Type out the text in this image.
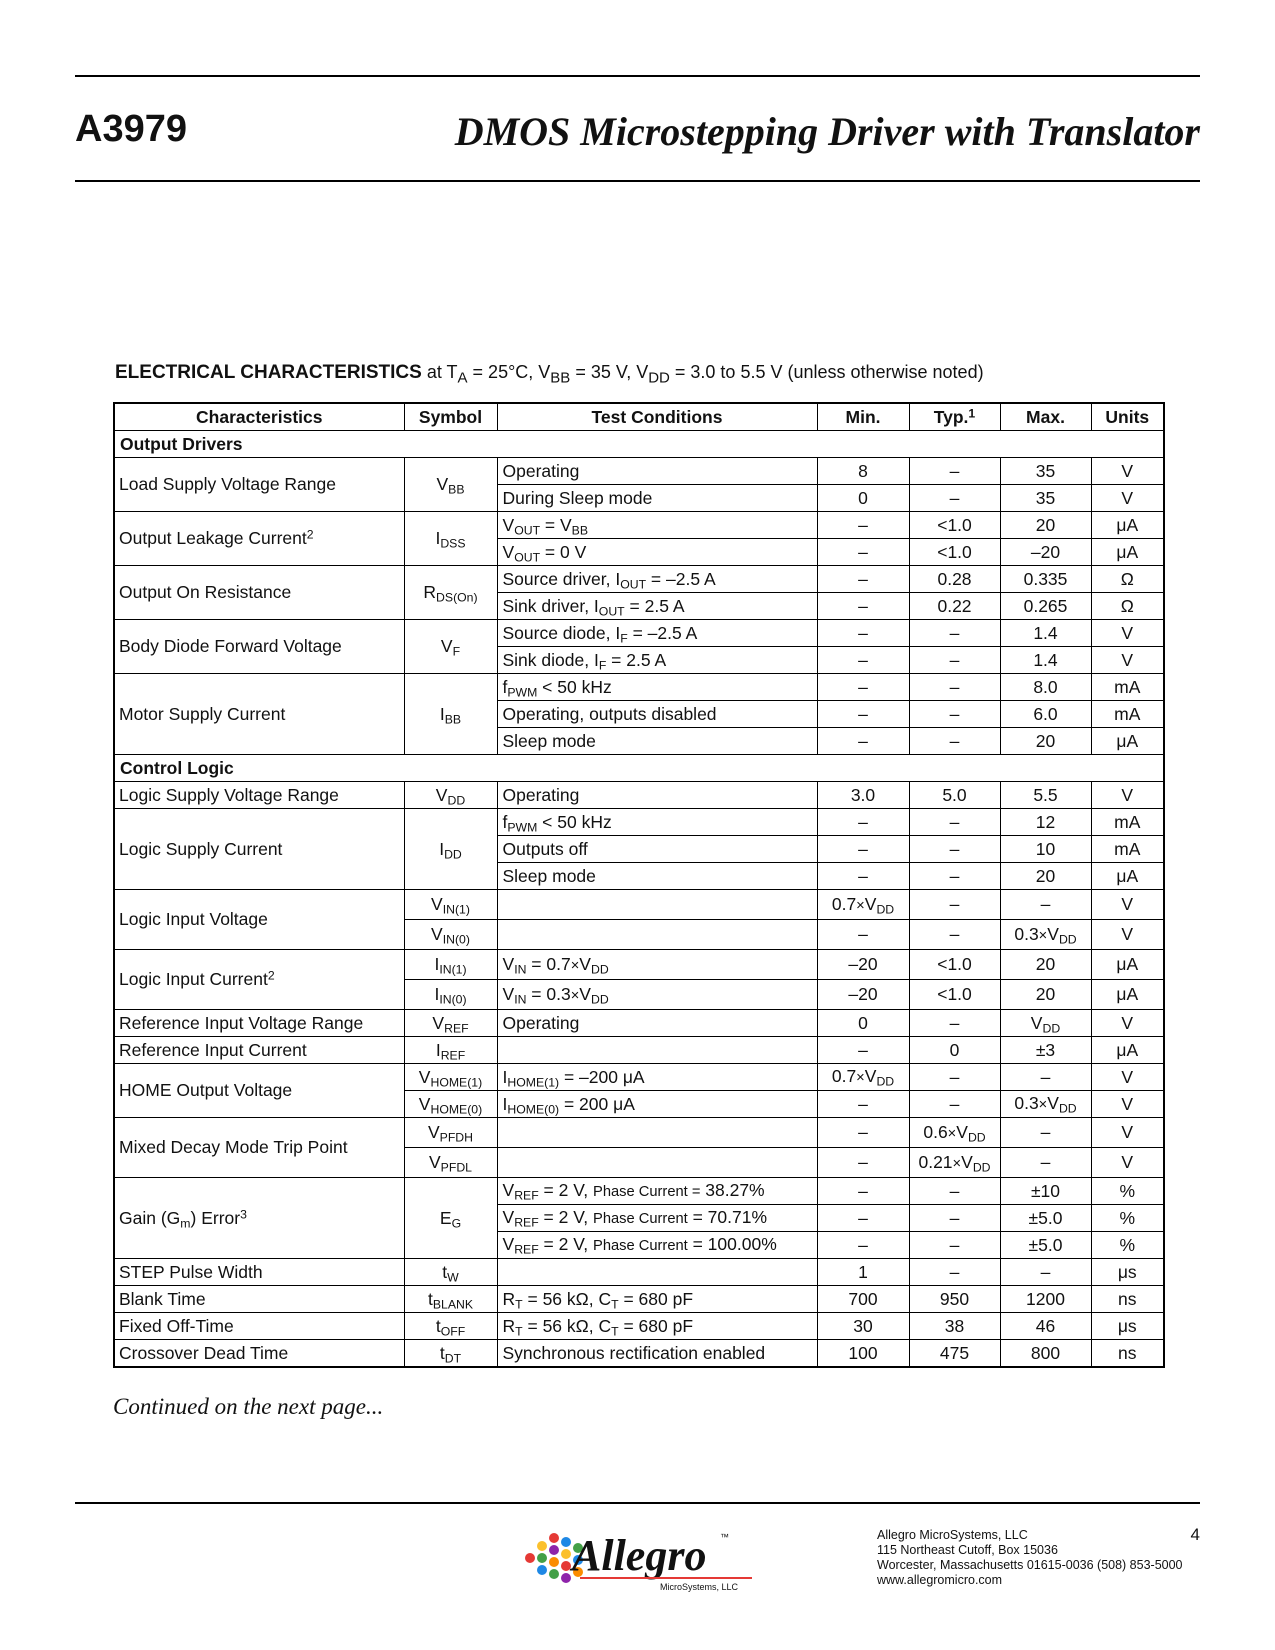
A3979	DMOS Microstepping Driver with Translator
ELECTRICAL CHARACTERISTICS at $T_A = 25^\circ C$, $V_{BB} = 35$ V, $V_{DD} = 3.0$ to 5.5 V (unless otherwise noted)
Characteristics	Symbol	Test Conditions	Min.	Typ.$^1$	Max.	Units
Output Drivers						
Load Supply Voltage Range	$V_{BB}$	Operating	8	–	35	V
		During Sleep mode	0	–	35	V
Output Leakage Current$^2$	$I_{DSS}$	$V_{OUT} = V_{BB}$	–	<1.0	20	μA
		$V_{OUT} = 0$ V	–	<1.0	–20	μA
Output On Resistance	$R_{DS(On)}$	Source driver, $I_{OUT} = -2.5$ A	–	0.28	0.335	Ω
		Sink driver, $I_{OUT} = 2.5$ A	–	0.22	0.265	Ω
Body Diode Forward Voltage	$V_F$	Source diode, $I_F = -2.5$ A	–	–	1.4	V
		Sink diode, $I_F = 2.5$ A	–	–	1.4	V
Motor Supply Current	$I_{BB}$	$f_{PWM} < 50$ kHz	–	–	8.0	mA
		Operating, outputs disabled	–	–	6.0	mA
		Sleep mode	–	–	20	μA
Control Logic						
Logic Supply Voltage Range	$V_{DD}$	Operating	3.0	5.0	5.5	V
Logic Supply Current	$I_{DD}$	$f_{PWM} < 50$ kHz	–	–	12	mA
		Outputs off	–	–	10	mA
		Sleep mode	–	–	20	μA
Logic Input Voltage	$V_{IN(1)}$		$0.7\times V_{DD}$	–	–	V
	$V_{IN(0)}$		–	–	$0.3\times V_{DD}$	V
Logic Input Current$^2$	$I_{IN(1)}$	$V_{IN} = 0.7\times V_{DD}$	–20	<1.0	20	μA
	$I_{IN(0)}$	$V_{IN} = 0.3\times V_{DD}$	–20	<1.0	20	μA
Reference Input Voltage Range	$V_{REF}$	Operating	0	–	$V_{DD}$	V
Reference Input Current	$I_{REF}$		–	0	±3	μA
HOME Output Voltage	$V_{HOME(1)}$	$I_{HOME(1)} = -200$ μA	$0.7\times V_{DD}$	–	–	V
	$V_{HOME(0)}$	$I_{HOME(0)} = 200$ μA	–	–	$0.3\times V_{DD}$	V
Mixed Decay Mode Trip Point	$V_{PFDH}$		–	$0.6\times V_{DD}$	–	V
	$V_{PFDL}$		–	$0.21\times V_{DD}$	–	V
Gain $(G_m)$ Error$^3$	$E_G$	$V_{REF} = 2$ V, Phase Current = 38.27%	–	–	±10	%
		$V_{REF} = 2$ V, Phase Current = 70.71%	–	–	±5.0	%
		$V_{REF} = 2$ V, Phase Current = 100.00%	–	–	±5.0	%
STEP Pulse Width	$t_W$		1	–	–	μs
Blank Time	$t_{BLANK}$	$R_T = 56$ kΩ, $C_T = 680$ pF	700	950	1200	ns
Fixed Off-Time	$t_{OFF}$	$R_T = 56$ kΩ, $C_T = 680$ pF	30	38	46	μs
Crossover Dead Time	$t_{DT}$	Synchronous rectification enabled	100	475	800	ns
Continued on the next page...
Allegro ™
MicroSystems, LLC
Allegro MicroSystems, LLC
115 Northeast Cutoff, Box 15036
Worcester, Massachusetts 01615-0036 (508) 853-5000
www.allegromicro.com
4
